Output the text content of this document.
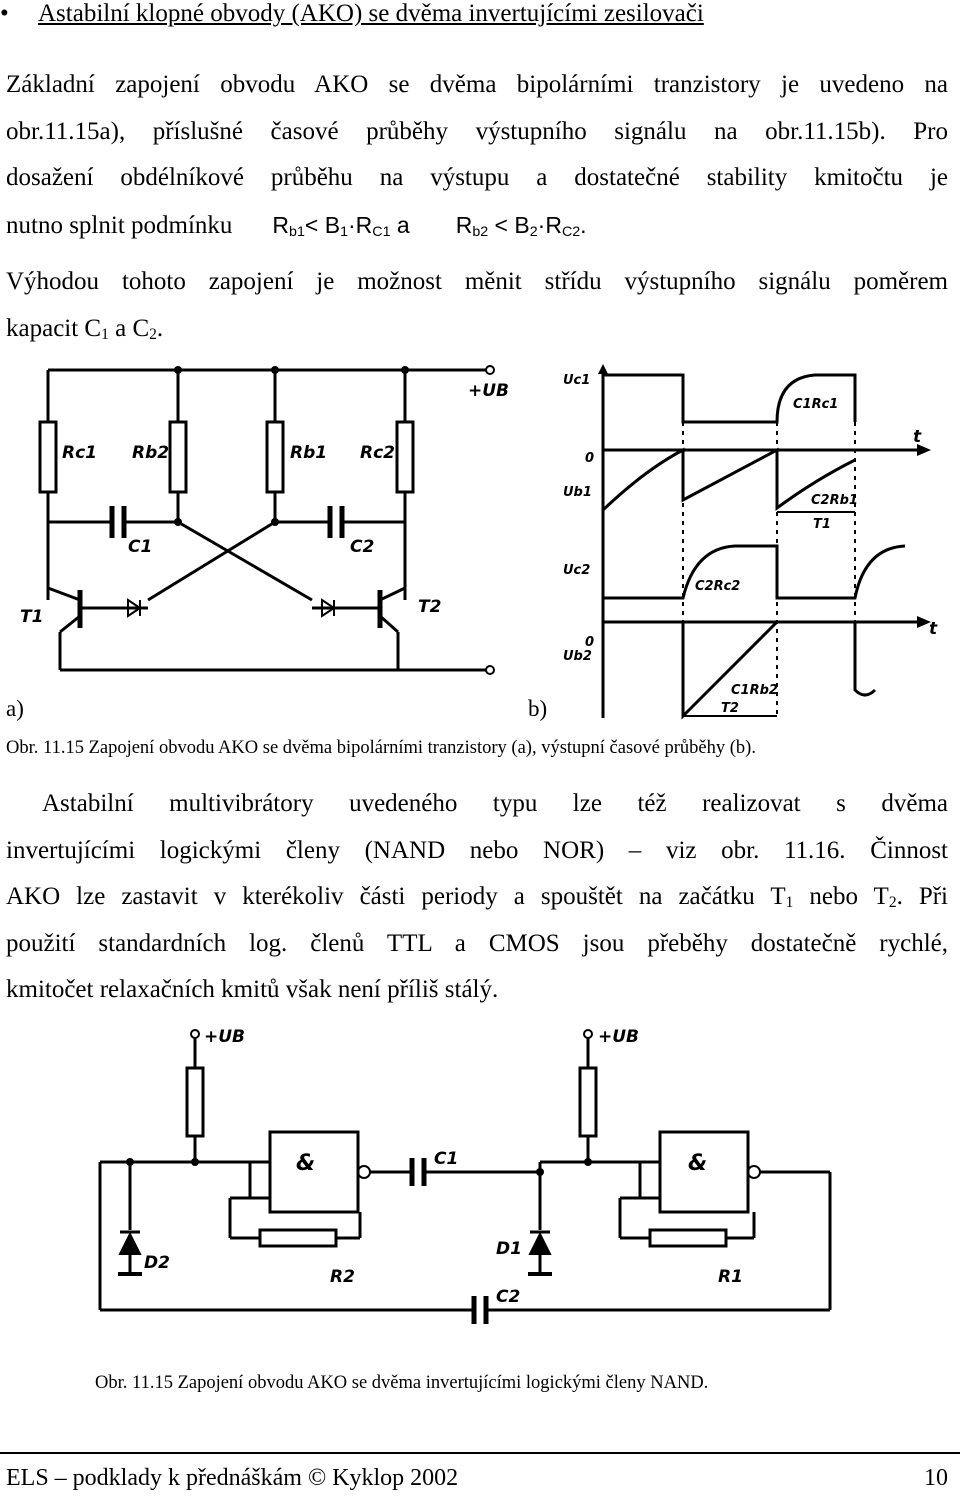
• Astabilní klopné obvody (AKO) se dvěma invertujícími zesilovači
Základní zapojení obvodu AKO se dvěma bipolárními tranzistory je uvedeno na
obr.11.15a), příslušné časové průběhy výstupního signálu na obr.11.15b). Pro
dosažení obdélníkové průběhu na výstupu a dostatečné stability kmitočtu je
nutno splnit podmínku $R_{b1}< B_1\cdot R_{C1}$ a $R_{b2} < B_2\cdot R_{C2}$.
Výhodou tohoto zapojení je možnost měnit střídu výstupního signálu poměrem
kapacit $C_1$ a $C_2$.
Rc1 Rb2	Rb1 Rc2
C1	C2
T1	T2
+UB
Uc1
0
Ub1
Uc2
0
Ub2
t
t
C1Rc1
C2Rb1
T1
C2Rc2
C1Rb2
T2
a)	b)
Obr. 11.15 Zapojení obvodu AKO se dvěma bipolárními tranzistory (a), výstupní časové průběhy (b).
Astabilní multivibrátory uvedeného typu lze též realizovat s dvěma
invertujícími logickými členy (NAND nebo NOR) – viz obr. 11.16. Činnost
AKO lze zastavit v kterékoliv části periody a spouštět na začátku $T_1$ nebo $T_2$. Při
použití standardních log. členů TTL a CMOS jsou přeběhy dostatečně rychlé,
kmitočet relaxačních kmitů však není příliš stálý.
+UB	+UB
&	&
C1
C2
D1
D2
R1
R2
Obr. 11.15 Zapojení obvodu AKO se dvěma invertujícími logickými členy NAND.
ELS – podklady k přednáškám © Kyklop 2002	10
